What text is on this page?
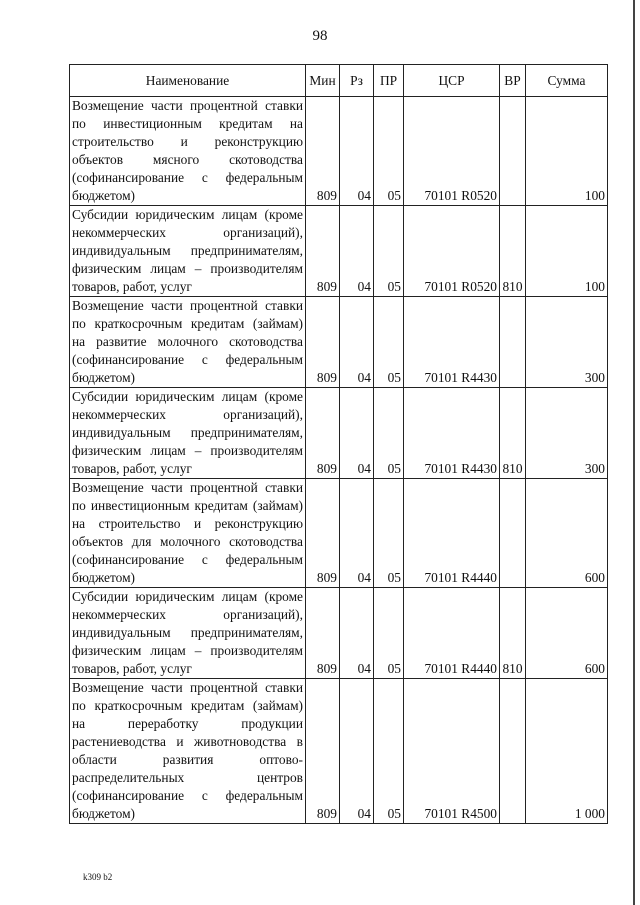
98
Наименование	Мин	Рз	ПР	ЦСР	ВР	Сумма
Возмещение части процентной ставки по инвестиционным кредитам на строительство и реконструкцию объектов мясного скотоводства (софинансирование с федеральным бюджетом)	809	04	05	70101 R0520		100
Субсидии юридическим лицам (кроме некоммерческих организаций), индивидуальным предпринимателям, физическим лицам – производителям товаров, работ, услуг	809	04	05	70101 R0520	810	100
Возмещение части процентной ставки по краткосрочным кредитам (займам) на развитие молочного скотоводства (софинансирование с федеральным бюджетом)	809	04	05	70101 R4430		300
Субсидии юридическим лицам (кроме некоммерческих организаций), индивидуальным предпринимателям, физическим лицам – производителям товаров, работ, услуг	809	04	05	70101 R4430	810	300
Возмещение части процентной ставки по инвестиционным кредитам (займам) на строительство и реконструкцию объектов для молочного скотоводства (софинансирование с федеральным бюджетом)	809	04	05	70101 R4440		600
Субсидии юридическим лицам (кроме некоммерческих организаций), индивидуальным предпринимателям, физическим лицам – производителям товаров, работ, услуг	809	04	05	70101 R4440	810	600
Возмещение части процентной ставки по краткосрочным кредитам (займам) на переработку продукции растениеводства и животноводства в области развития оптово-распределительных центров (софинансирование с федеральным бюджетом)	809	04	05	70101 R4500		1 000
k309 b2
